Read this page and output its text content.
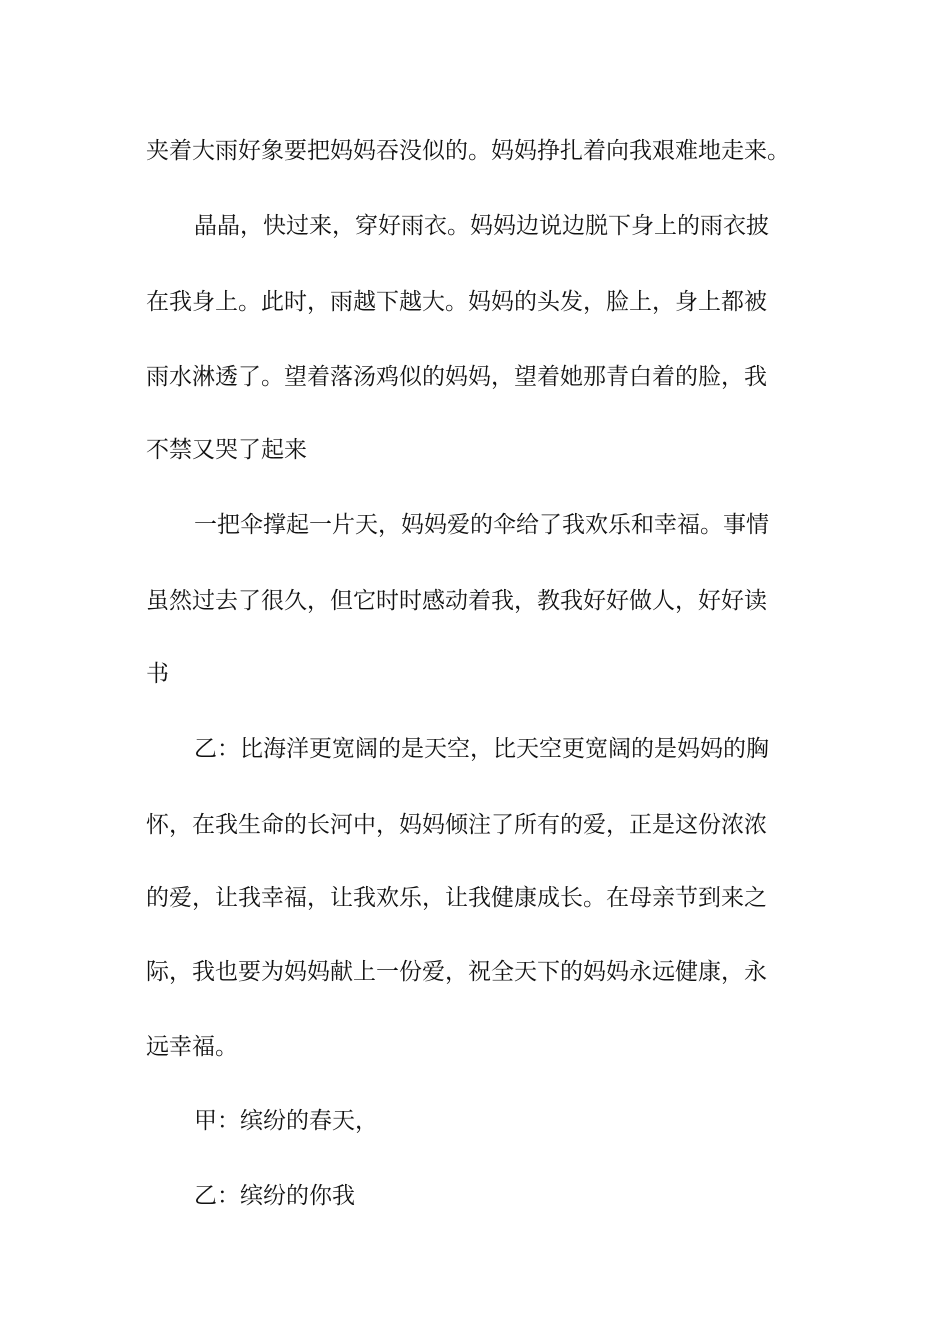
夹着大雨好象要把妈妈吞没似的。妈妈挣扎着向我艰难地走来。
晶晶，快过来，穿好雨衣。妈妈边说边脱下身上的雨衣披
在我身上。此时，雨越下越大。妈妈的头发，脸上，身上都被
雨水淋透了。望着落汤鸡似的妈妈，望着她那青白着的脸，我
不禁又哭了起来
一把伞撑起一片天，妈妈爱的伞给了我欢乐和幸福。事情
虽然过去了很久，但它时时感动着我，教我好好做人，好好读
书
乙：比海洋更宽阔的是天空，比天空更宽阔的是妈妈的胸
怀，在我生命的长河中，妈妈倾注了所有的爱，正是这份浓浓
的爱，让我幸福，让我欢乐，让我健康成长。在母亲节到来之
际，我也要为妈妈献上一份爱，祝全天下的妈妈永远健康，永
远幸福。
甲：缤纷的春天，
乙：缤纷的你我
